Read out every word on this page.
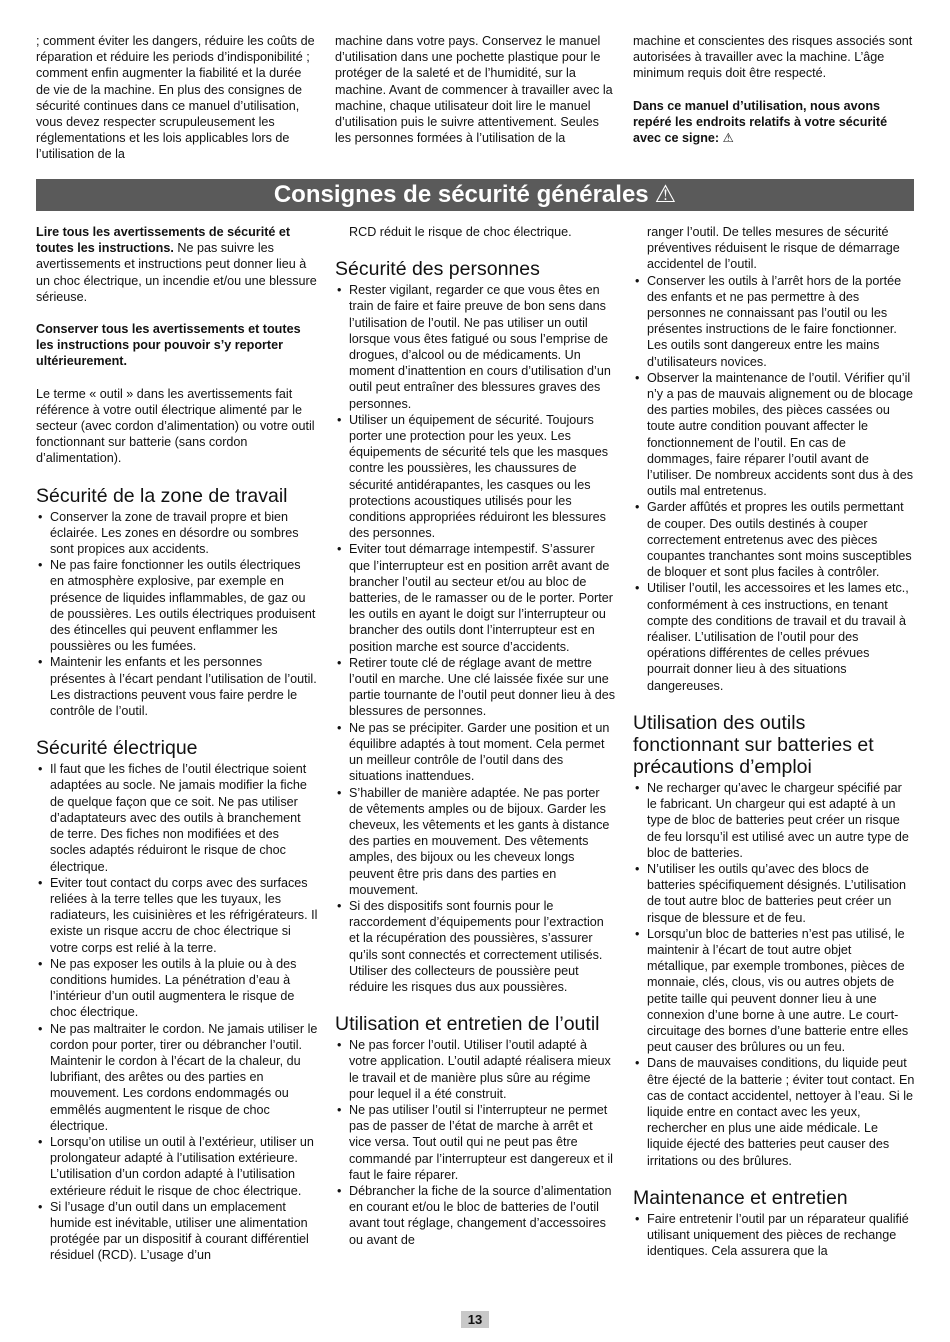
; comment éviter les dangers, réduire les coûts de réparation et réduire les periods d’indisponibilité ; comment enfin augmenter la fiabilité et la durée de vie de la machine. En plus des consignes de sécurité continues dans ce manuel d’utilisation, vous devez respecter scrupuleusement les réglementations et les lois applicables lors de l’utilisation de la

machine dans votre pays. Conservez le manuel d’utilisation dans une pochette plastique pour le protéger de la saleté et de l’humidité, sur la machine. Avant de commencer à travailler avec la machine, chaque utilisateur doit lire le manuel d’utilisation puis le suivre attentivement. Seules les personnes formées à l’utilisation de la

machine et conscientes des risques associés sont autorisées à travailler avec la machine. L’âge minimum requis doit être respecté.

Dans ce manuel d’utilisation, nous avons repéré les endroits relatifs à votre sécurité avec ce signe: ⚠

Consignes de sécurité générales ⚠

Lire tous les avertissements de sécurité et toutes les instructions. Ne pas suivre les avertissements et instructions peut donner lieu à un choc électrique, un incendie et/ou une blessure sérieuse.

Conserver tous les avertissements et toutes les instructions pour pouvoir s’y reporter ultérieurement.

Le terme « outil » dans les avertissements fait référence à votre outil électrique alimenté par le secteur (avec cordon d’alimentation) ou votre outil fonctionnant sur batterie (sans cordon d’alimentation).

Sécurité de la zone de travail
• Conserver la zone de travail propre et bien éclairée. Les zones en désordre ou sombres sont propices aux accidents.
• Ne pas faire fonctionner les outils électriques en atmosphère explosive, par exemple en présence de liquides inflammables, de gaz ou de poussières. Les outils électriques produisent des étincelles qui peuvent enflammer les poussières ou les fumées.
• Maintenir les enfants et les personnes présentes à l’écart pendant l’utilisation de l’outil. Les distractions peuvent vous faire perdre le contrôle de l’outil.
Sécurité électrique
• Il faut que les fiches de l’outil électrique soient adaptées au socle. Ne jamais modifier la fiche de quelque façon que ce soit. Ne pas utiliser d’adaptateurs avec des outils à branchement de terre. Des fiches non modifiées et des socles adaptés réduiront le risque de choc électrique.
• Eviter tout contact du corps avec des surfaces reliées à la terre telles que les tuyaux, les radiateurs, les cuisinières et les réfrigérateurs. Il existe un risque accru de choc électrique si votre corps est relié à la terre.
• Ne pas exposer les outils à la pluie ou à des conditions humides. La pénétration d’eau à l’intérieur d’un outil augmentera le risque de choc électrique.
• Ne pas maltraiter le cordon. Ne jamais utiliser le cordon pour porter, tirer ou débrancher l’outil. Maintenir le cordon à l’écart de la chaleur, du lubrifiant, des arêtes ou des parties en mouvement. Les cordons endommagés ou emmêlés augmentent le risque de choc électrique.
• Lorsqu’on utilise un outil à l’extérieur, utiliser un prolongateur adapté à l’utilisation extérieure. L’utilisation d’un cordon adapté à l’utilisation extérieure réduit le risque de choc électrique.
• Si l’usage d’un outil dans un emplacement humide est inévitable, utiliser une alimentation protégée par un dispositif à courant différentiel résiduel (RCD). L’usage d’un

RCD réduit le risque de choc électrique.

Sécurité des personnes
• Rester vigilant, regarder ce que vous êtes en train de faire et faire preuve de bon sens dans l’utilisation de l’outil. Ne pas utiliser un outil lorsque vous êtes fatigué ou sous l’emprise de drogues, d’alcool ou de médicaments. Un moment d’inattention en cours d’utilisation d’un outil peut entraîner des blessures graves des personnes.
• Utiliser un équipement de sécurité. Toujours porter une protection pour les yeux. Les équipements de sécurité tels que les masques contre les poussières, les chaussures de sécurité antidérapantes, les casques ou les protections acoustiques utilisés pour les conditions appropriées réduiront les blessures des personnes.
• Eviter tout démarrage intempestif. S’assurer que l’interrupteur est en position arrêt avant de brancher l’outil au secteur et/ou au bloc de batteries, de le ramasser ou de le porter. Porter les outils en ayant le doigt sur l’interrupteur ou brancher des outils dont l’interrupteur est en position marche est source d’accidents.
• Retirer toute clé de réglage avant de mettre l’outil en marche. Une clé laissée fixée sur une partie tournante de l’outil peut donner lieu à des blessures de personnes.
• Ne pas se précipiter. Garder une position et un équilibre adaptés à tout moment. Cela permet un meilleur contrôle de l’outil dans des situations inattendues.
• S’habiller de manière adaptée. Ne pas porter de vêtements amples ou de bijoux. Garder les cheveux, les vêtements et les gants à distance des parties en mouvement. Des vêtements amples, des bijoux ou les cheveux longs peuvent être pris dans des parties en mouvement.
• Si des dispositifs sont fournis pour le raccordement d’équipements pour l’extraction et la récupération des poussières, s’assurer qu’ils sont connectés et correctement utilisés. Utiliser des collecteurs de poussière peut réduire les risques dus aux poussières.
Utilisation et entretien de l’outil
• Ne pas forcer l’outil. Utiliser l’outil adapté à votre application. L’outil adapté réalisera mieux le travail et de manière plus sûre au régime pour lequel il a été construit.
• Ne pas utiliser l’outil si l’interrupteur ne permet pas de passer de l’état de marche à arrêt et vice versa. Tout outil qui ne peut pas être commandé par l’interrupteur est dangereux et il faut le faire réparer.
• Débrancher la fiche de la source d’alimentation en courant et/ou le bloc de batteries de l’outil avant tout réglage, changement d’accessoires ou avant de

ranger l’outil. De telles mesures de sécurité préventives réduisent le risque de démarrage accidentel de l’outil.

• Conserver les outils à l’arrêt hors de la portée des enfants et ne pas permettre à des personnes ne connaissant pas l’outil ou les présentes instructions de le faire fonctionner. Les outils sont dangereux entre les mains d’utilisateurs novices.
• Observer la maintenance de l’outil. Vérifier qu’il n’y a pas de mauvais alignement ou de blocage des parties mobiles, des pièces cassées ou toute autre condition pouvant affecter le fonctionnement de l’outil. En cas de dommages, faire réparer l’outil avant de l’utiliser. De nombreux accidents sont dus à des outils mal entretenus.
• Garder affûtés et propres les outils permettant de couper. Des outils destinés à couper correctement entretenus avec des pièces coupantes tranchantes sont moins susceptibles de bloquer et sont plus faciles à contrôler.
• Utiliser l’outil, les accessoires et les lames etc., conformément à ces instructions, en tenant compte des conditions de travail et du travail à réaliser. L’utilisation de l’outil pour des opérations différentes de celles prévues pourrait donner lieu à des situations dangereuses.
Utilisation des outils fonctionnant sur batteries et précautions d’emploi
• Ne recharger qu’avec le chargeur spécifié par le fabricant. Un chargeur qui est adapté à un type de bloc de batteries peut créer un risque de feu lorsqu’il est utilisé avec un autre type de bloc de batteries.
• N’utiliser les outils qu’avec des blocs de batteries spécifiquement désignés. L’utilisation de tout autre bloc de batteries peut créer un risque de blessure et de feu.
• Lorsqu’un bloc de batteries n’est pas utilisé, le maintenir à l’écart de tout autre objet métallique, par exemple trombones, pièces de monnaie, clés, clous, vis ou autres objets de petite taille qui peuvent donner lieu à une connexion d’une borne à une autre. Le court-circuitage des bornes d’une batterie entre elles peut causer des brûlures ou un feu.
• Dans de mauvaises conditions, du liquide peut être éjecté de la batterie ; éviter tout contact. En cas de contact accidentel, nettoyer à l’eau. Si le liquide entre en contact avec les yeux, rechercher en plus une aide médicale. Le liquide éjecté des batteries peut causer des irritations ou des brûlures.
Maintenance et entretien
• Faire entretenir l’outil par un réparateur qualifié utilisant uniquement des pièces de rechange identiques. Cela assurera que la
13
